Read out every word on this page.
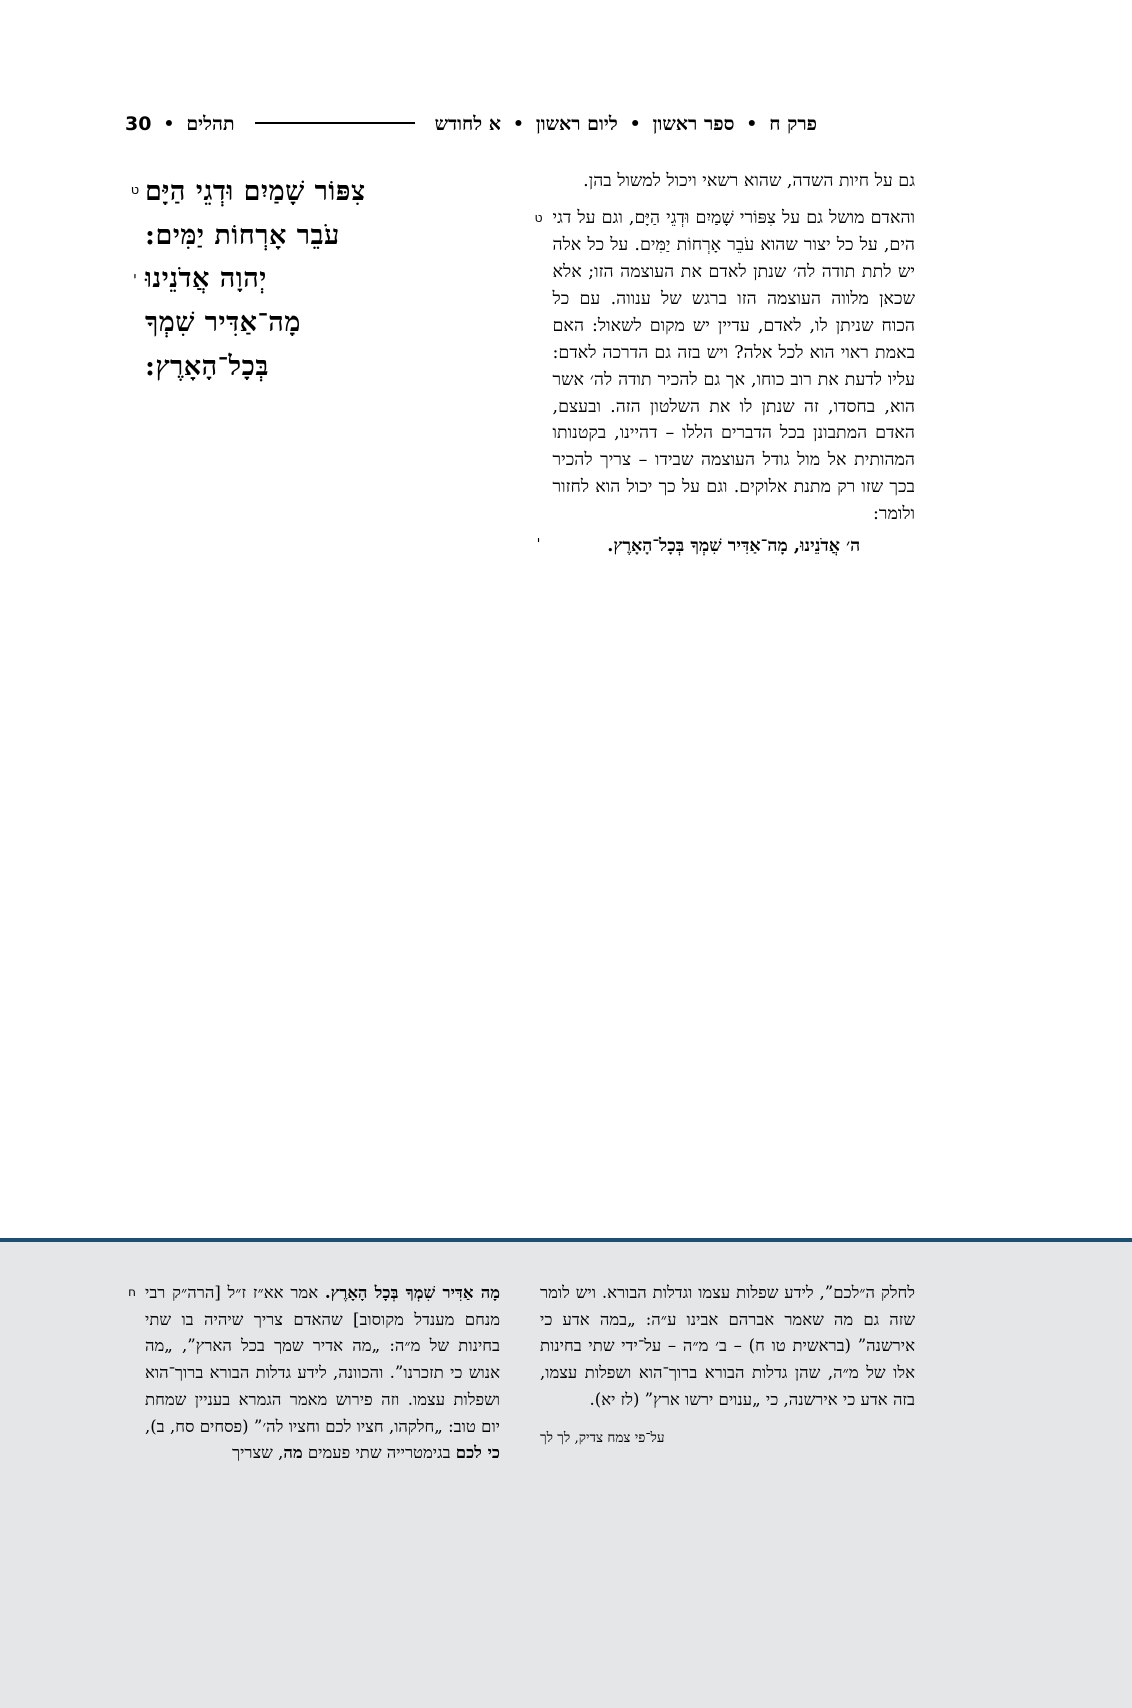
30 • תהלים	א לחודש • ליום ראשון • ספר ראשון • פרק ח
ט צִפּוֹר שָׁמַיִם וּדְגֵי הַיָּם
עֹבֵר אָרְחוֹת יַמִּים:
י יְהוָה אֲדֹנֵינוּ
מָה־אַדִּיר שִׁמְךָ
בְּכָל־הָאָרֶץ:

גם על חיות השדה, שהוא רשאי ויכול למשול בהן.

ט והאדם מושל גם על צִפּוֹרי שָׁמַיִם וּדְגֵי הַיָּם, וגם על דגי הים, על כל יצור שהוא עֹבֵר אָרְחוֹת יַמִּים. על כל אלה יש לתת תודה לה׳ שנתן לאדם את העוצמה הזו; אלא שכאן מלווה העוצמה הזו ברגש של ענווה. עם כל הכוח שניתן לו, לאדם, עדיין יש מקום לשאול: האם באמת ראוי הוא לכל אלה? ויש בזה גם הדרכה לאדם: עליו לדעת את רוב כוחו, אך גם להכיר תודה לה׳ אשר הוא, בחסדו, זה שנתן לו את השלטון הזה. ובעצם, האדם המתבונן בכל הדברים הללו – דהיינו, בקטנותו המהותית אל מול גודל העוצמה שבידו – צריך להכיר בכך שזו רק מתנת אלוקים. וגם על כך יכול הוא לחזור ולומר:

י	ה׳ אֲדֹנֵינוּ, מָה־אַדִּיר שִׁמְךָ בְּכָל־הָאָרֶץ.

ח	מָה אַדִּיר שִׁמְךָ בְּכָל הָאָרֶץ. אמר אא״ז ז״ל [הרה״ק רבי מנחם מענדל מקוסוב] שהאדם צריך שיהיה בו שתי בחינות של מ״ה: „מה אדיר שמך בכל הארץ”, „מה אנוש כי תזכרנו”. והכוונה, לידע גדלות הבורא ברוך־הוא ושפלות עצמו. וזה פירוש מאמר הגמרא בעניין שמחת יום טוב: „חלקהו, חציו לכם וחציו לה׳” (פסחים סח, ב), כי לכם בגימטרייה שתי פעמים מה, שצריך

לחלק ה״לכם”, לידע שפלות עצמו וגדלות הבורא. ויש לומר שזה גם מה שאמר אברהם אבינו ע״ה: „במה אדע כי אירשנה” (בראשית טו ח) – ב׳ מ״ה – על־ידי שתי בחינות אלו של מ״ה, שהן גדלות הבורא ברוך־הוא ושפלות עצמו, בזה אדע כי אירשנה, כי „ענוים ירשו ארץ” (לז יא).

על־פי צמח צדיק, לך לך
